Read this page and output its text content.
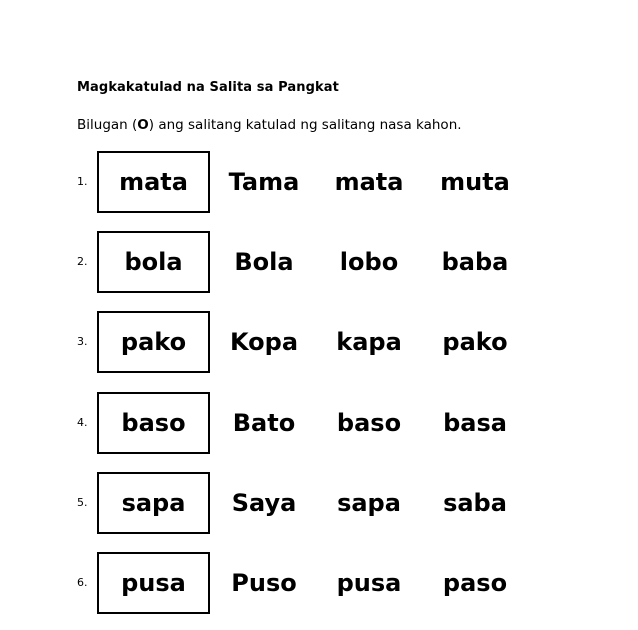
Magkakatulad na Salita sa Pangkat
Bilugan (O) ang salitang katulad ng salitang nasa kahon.
1.	mata	Tama	mata	muta
2.	bola	Bola	lobo	baba
3.	pako	Kopa	kapa	pako
4.	baso	Bato	baso	basa
5.	sapa	Saya	sapa	saba
6.	pusa	Puso	pusa	paso
